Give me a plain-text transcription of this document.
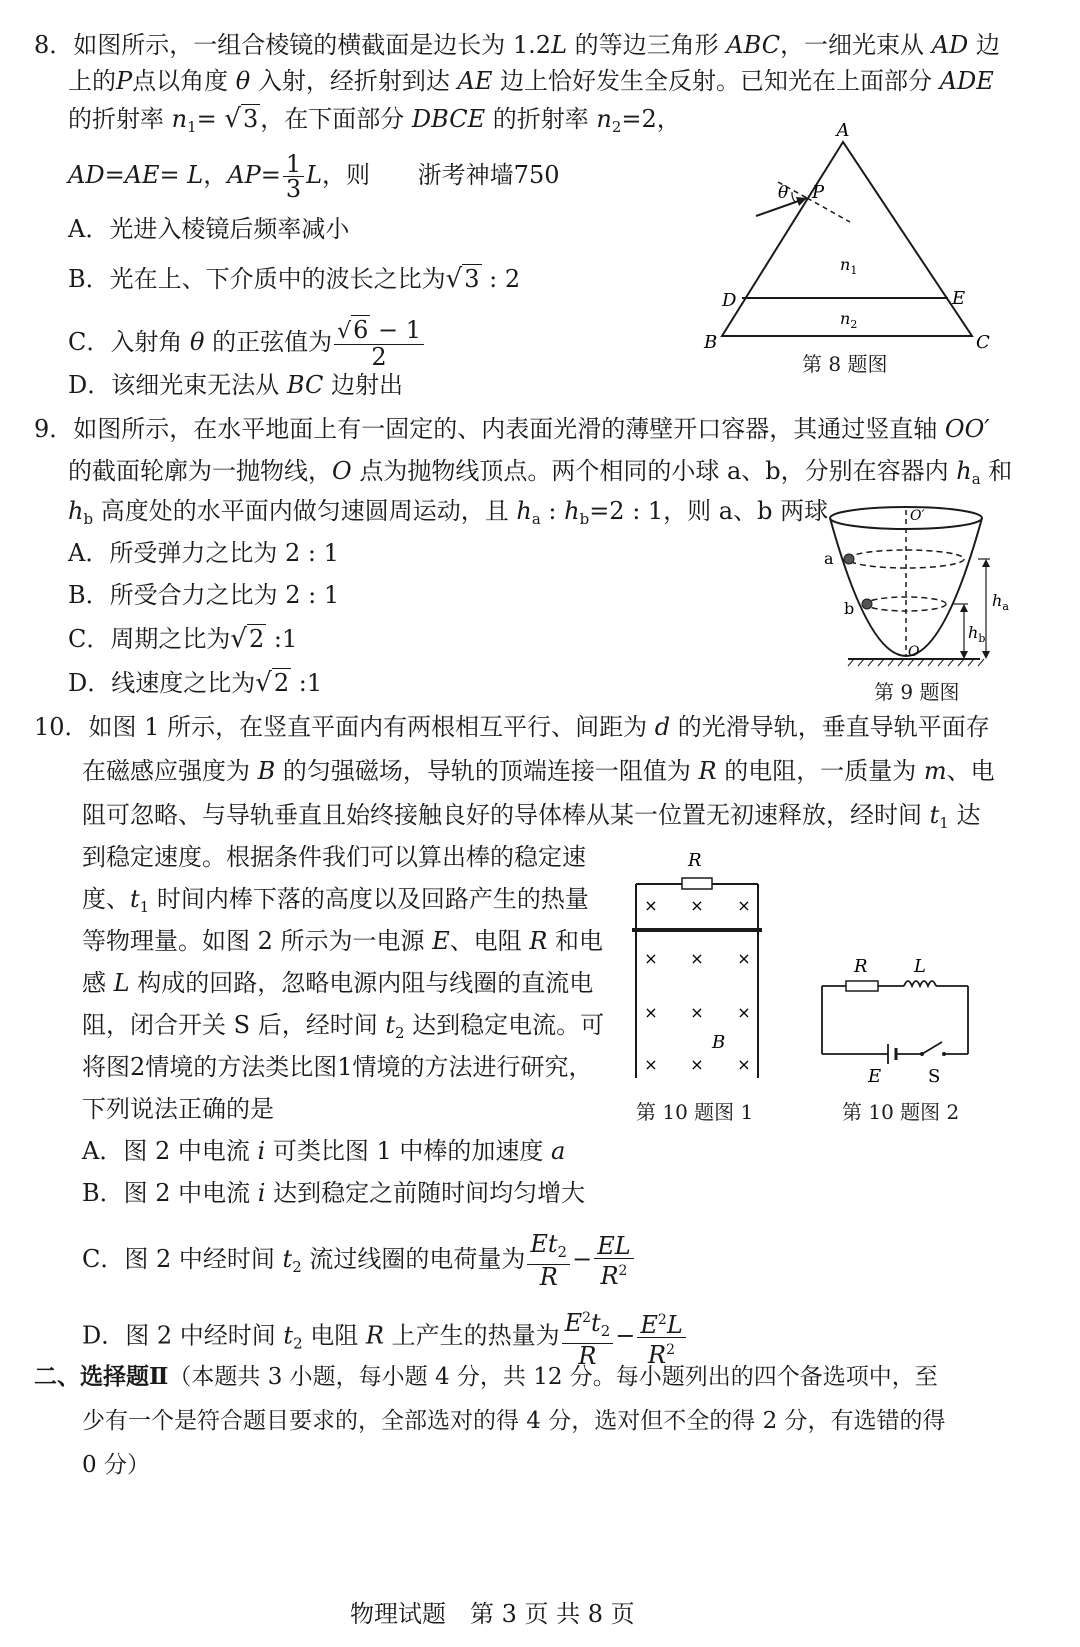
8．如图所示，一组合棱镜的横截面是边长为 1.2L 的等边三角形 ABC，一细光束从 AD 边
上的P点以角度 θ 入射，经折射到达 AE 边上恰好发生全反射。已知光在上面部分 ADE
的折射率 $n_1= √3$，在下面部分 DBCE 的折射率 $n_2=2$，
AD=AE= L，$AP= \frac{1}{3}$ L，则 浙考神墙750
A．光进入棱镜后频率减小
B．光在上、下介质中的波长之比为√3 : 2
C．入射角 θ 的正弦值为 $\frac{√6 - 1}{2}$
D．该细光束无法从 BC 边射出
A
B	C
D	E
P
θ
$n_1$
$n_2$
第 8 题图
9．如图所示，在水平地面上有一固定的、内表面光滑的薄壁开口容器，其通过竖直轴 OO′
的截面轮廓为一抛物线，O 点为抛物线顶点。两个相同的小球 a、b，分别在容器内 $h_a$ 和
$h_b$ 高度处的水平面内做匀速圆周运动，且 $h_a$ : $h_b=2$ : 1，则 a、b 两球
A．所受弹力之比为 2 : 1
B．所受合力之比为 2 : 1
C．周期之比为√2 :1
D．线速度之比为√2 :1
O′
O
a
b	$h_a$
$h_b$
第 9 题图
10．如图 1 所示，在竖直平面内有两根相互平行、间距为 d 的光滑导轨，垂直导轨平面存
在磁感应强度为 B 的匀强磁场，导轨的顶端连接一阻值为 R 的电阻，一质量为 m、电
阻可忽略、与导轨垂直且始终接触良好的导体棒从某一位置无初速释放，经时间 $t_1$ 达
到稳定速度。根据条件我们可以算出棒的稳定速
度、$t_1$ 时间内棒下落的高度以及回路产生的热量
等物理量。如图 2 所示为一电源 E、电阻 R 和电
感 L 构成的回路，忽略电源内阻与线圈的直流电
阻，闭合开关 S 后，经时间 $t_2$ 达到稳定电流。可
将图2情境的方法类比图1情境的方法进行研究，
下列说法正确的是
A．图 2 中电流 i 可类比图 1 中棒的加速度 a
B．图 2 中电流 i 达到稳定之前随时间均匀增大
C．图 2 中经时间 $t_2$ 流过线圈的电荷量为 $\frac{Et_2}{R} - \frac{EL}{R^2}$
D．图 2 中经时间 $t_2$ 电阻 R 上产生的热量为 $\frac{E^2t_2}{R} - \frac{E^2L}{R^2}$
× × ×
× × ×
× × ×
× × ×
R
B
第 10 题图 1
R	L
E	S
第 10 题图 2
二、选择题Ⅱ（本题共 3 小题，每小题 4 分，共 12 分。每小题列出的四个备选项中，至
少有一个是符合题目要求的，全部选对的得 4 分，选对但不全的得 2 分，有选错的得
0 分）
物理试题　第 3 页 共 8 页
